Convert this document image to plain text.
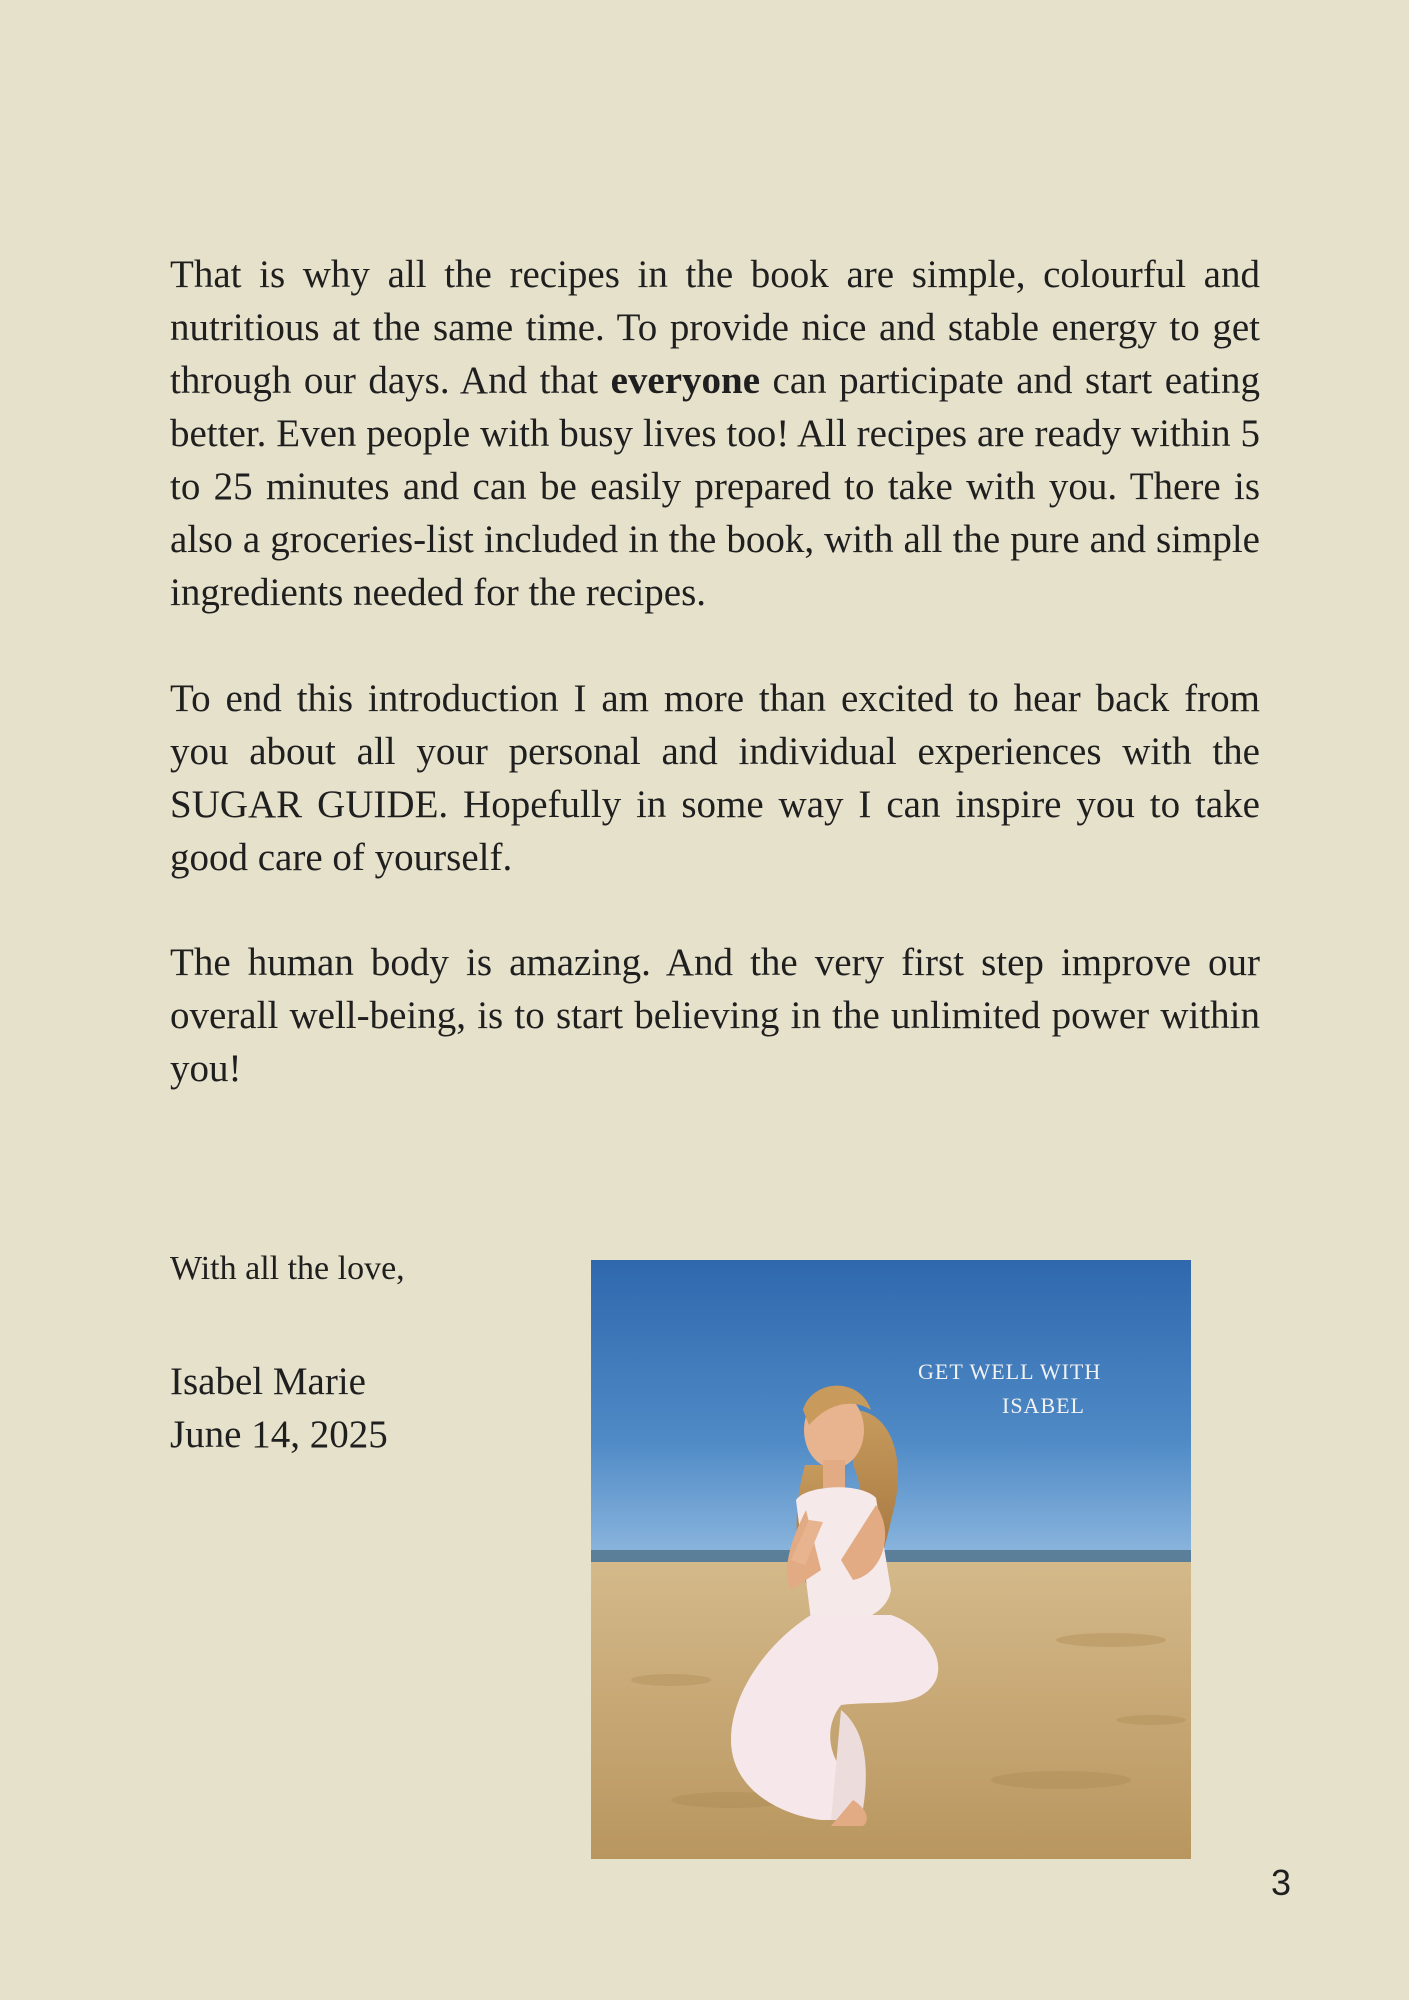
That is why all the recipes in the book are simple, colourful and nutritious at the same time. To provide nice and stable energy to get through our days. And that everyone can participate and start eating better. Even people with busy lives too! All recipes are ready within 5 to 25 minutes and can be easily prepared to take with you. There is also a groceries-list included in the book, with all the pure and simple ingredients needed for the recipes.

To end this introduction I am more than excited to hear back from you about all your personal and individual experiences with the SUGAR GUIDE. Hopefully in some way I can inspire you to take good care of yourself.

The human body is amazing. And the very first step improve our overall well-being, is to start believing in the unlimited power within you!

With all the love,

Isabel Marie
June 14, 2025

GET WELL WITH
ISABEL
3
